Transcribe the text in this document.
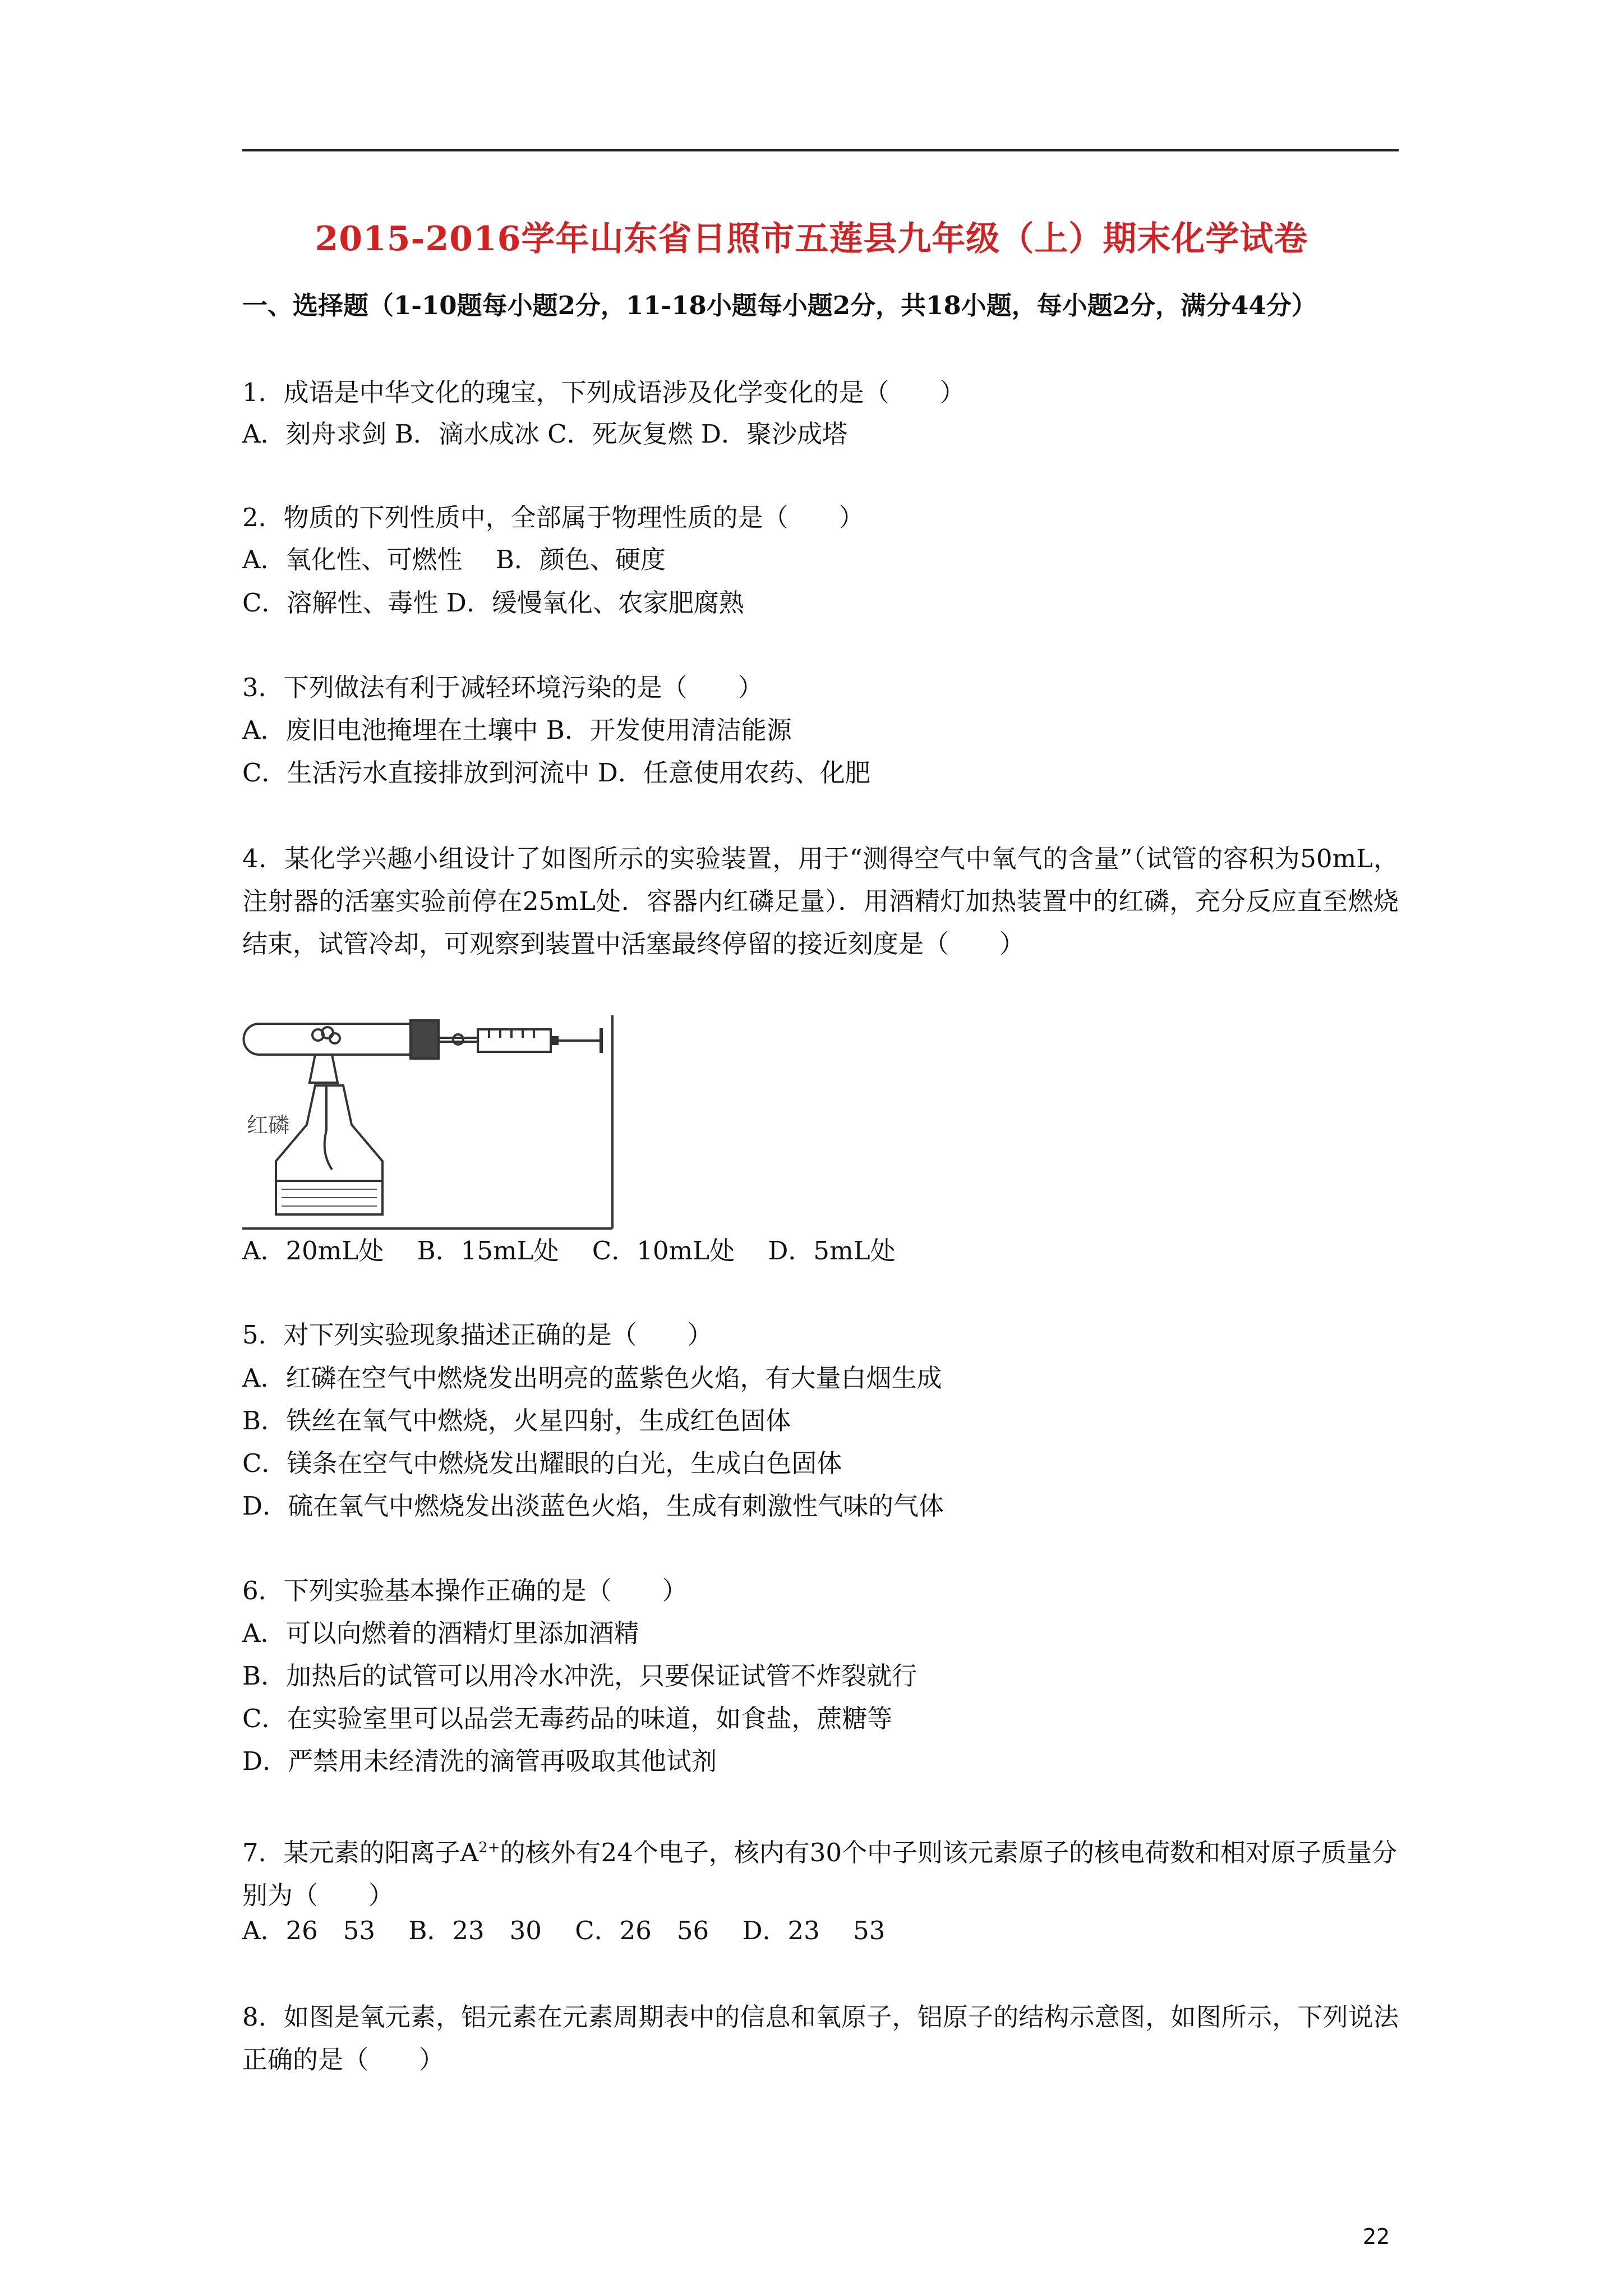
2015-2016学年山东省日照市五莲县九年级（上）期末化学试卷
一、选择题（1-10题每小题2分，11-18小题每小题2分，共18小题，每小题2分，满分44分）
1．成语是中华文化的瑰宝，下列成语涉及化学变化的是（　　）
A．刻舟求剑 B．滴水成冰 C．死灰复燃 D．聚沙成塔
2．物质的下列性质中，全部属于物理性质的是（　　）
A．氧化性、可燃性　 B．颜色、硬度
C．溶解性、毒性 D．缓慢氧化、农家肥腐熟
3．下列做法有利于减轻环境污染的是（　　）
A．废旧电池掩埋在土壤中 B．开发使用清洁能源
C．生活污水直接排放到河流中 D．任意使用农药、化肥
4．某化学兴趣小组设计了如图所示的实验装置，用于“测得空气中氧气的含量”（试管的容积为50mL，注射器的活塞实验前停在25mL处．容器内红磷足量）．用酒精灯加热装置中的红磷，充分反应直至燃烧结束，试管冷却，可观察到装置中活塞最终停留的接近刻度是（　　）
红磷
A．20mL处　 B．15mL处　 C．10mL处　 D．5mL处
5．对下列实验现象描述正确的是（　　）
A．红磷在空气中燃烧发出明亮的蓝紫色火焰，有大量白烟生成
B．铁丝在氧气中燃烧，火星四射，生成红色固体
C．镁条在空气中燃烧发出耀眼的白光，生成白色固体
D．硫在氧气中燃烧发出淡蓝色火焰，生成有刺激性气味的气体
6．下列实验基本操作正确的是（　　）
A．可以向燃着的酒精灯里添加酒精
B．加热后的试管可以用冷水冲洗，只要保证试管不炸裂就行
C．在实验室里可以品尝无毒药品的味道，如食盐，蔗糖等
D．严禁用未经清洗的滴管再吸取其他试剂
7．某元素的阳离子$A^{2+}$的核外有24个电子，核内有30个中子则该元素原子的核电荷数和相对原子质量分别为（　　）
A．26　53　 B．23　30　 C．26　56　 D．23　 53
8．如图是氧元素，铝元素在元素周期表中的信息和氧原子，铝原子的结构示意图，如图所示，下列说法正确的是（　　）
22
